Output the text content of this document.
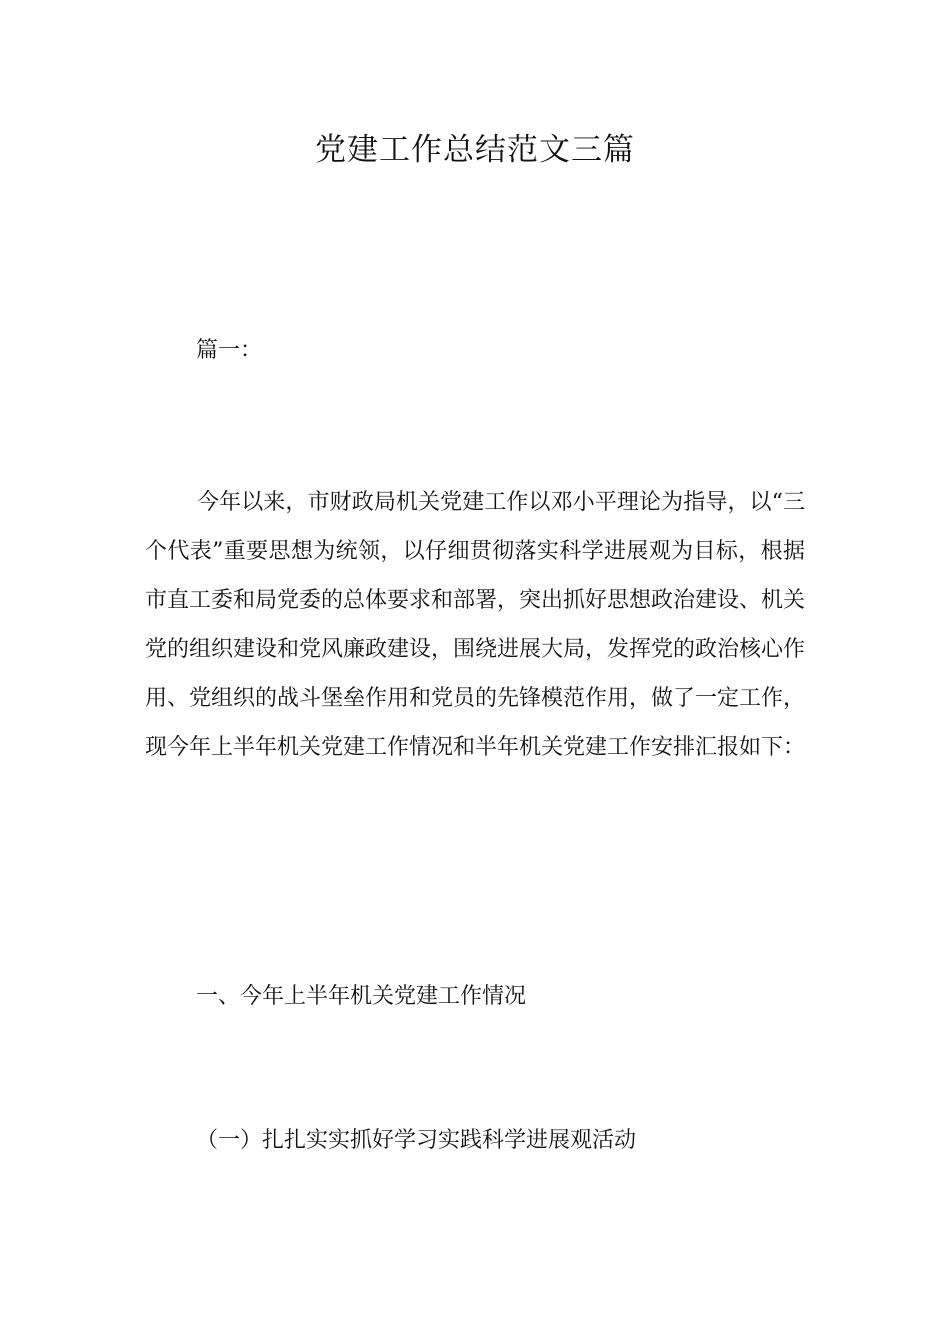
党建工作总结范文三篇
篇一：

今年以来，市财政局机关党建工作以邓小平理论为指导，以“三个代表”重要思想为统领，以仔细贯彻落实科学进展观为目标，根据市直工委和局党委的总体要求和部署，突出抓好思想政治建设、机关党的组织建设和党风廉政建设，围绕进展大局，发挥党的政治核心作用、党组织的战斗堡垒作用和党员的先锋模范作用，做了一定工作，现今年上半年机关党建工作情况和半年机关党建工作安排汇报如下：

一、今年上半年机关党建工作情况
（一）扎扎实实抓好学习实践科学进展观活动
